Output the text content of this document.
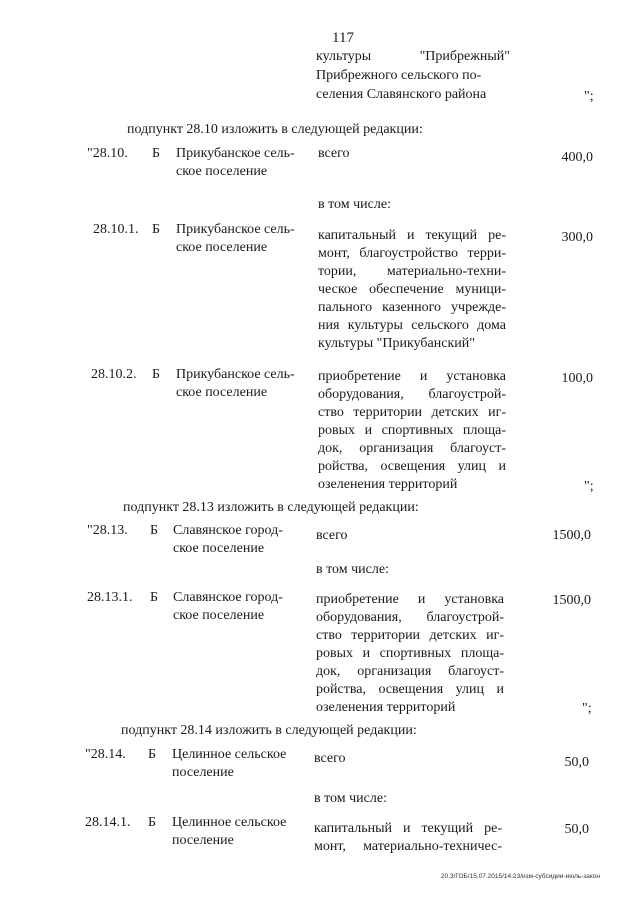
117
культуры	"Прибрежный"
Прибрежного сельского по-
селения Славянского района	";
подпункт 28.10 изложить в следующей редакции:
"28.10. Б Прикубанское сель-
ское поселение
всего	400,0
в том числе:
28.10.1. Б Прикубанское сель-
ское поселение
капитальный и текущий ре-
монт, благоустройство терри-
тории, материально-техни-
ческое обеспечение муници-
пального казенного учрежде-
ния культуры сельского дома
культуры "Прикубанский"
300,0
28.10.2. Б Прикубанское сель-
ское поселение
приобретение и установка
оборудования, благоустрой-
ство территории детских иг-
ровых и спортивных площа-
док, организация благоуст-
ройства, освещения улиц и
озеленения территорий
100,0
";
подпункт 28.13 изложить в следующей редакции:
"28.13. Б Славянское город-
ское поселение
всего	1500,0
в том числе:
28.13.1. Б Славянское город-
ское поселение
приобретение и установка
оборудования, благоустрой-
ство территории детских иг-
ровых и спортивных площа-
док, организация благоуст-
ройства, освещения улиц и
озеленения территорий
1500,0
";
подпункт 28.14 изложить в следующей редакции:
"28.14. Б Целинное сельское
поселение
всего	50,0
в том числе:
28.14.1. Б Целинное сельское
поселение
капитальный и текущий ре-
монт, материально-техничес-
50,0
20.3/ГОБ/15.07.2015/14:23/изм-субсидии-июль-закон
